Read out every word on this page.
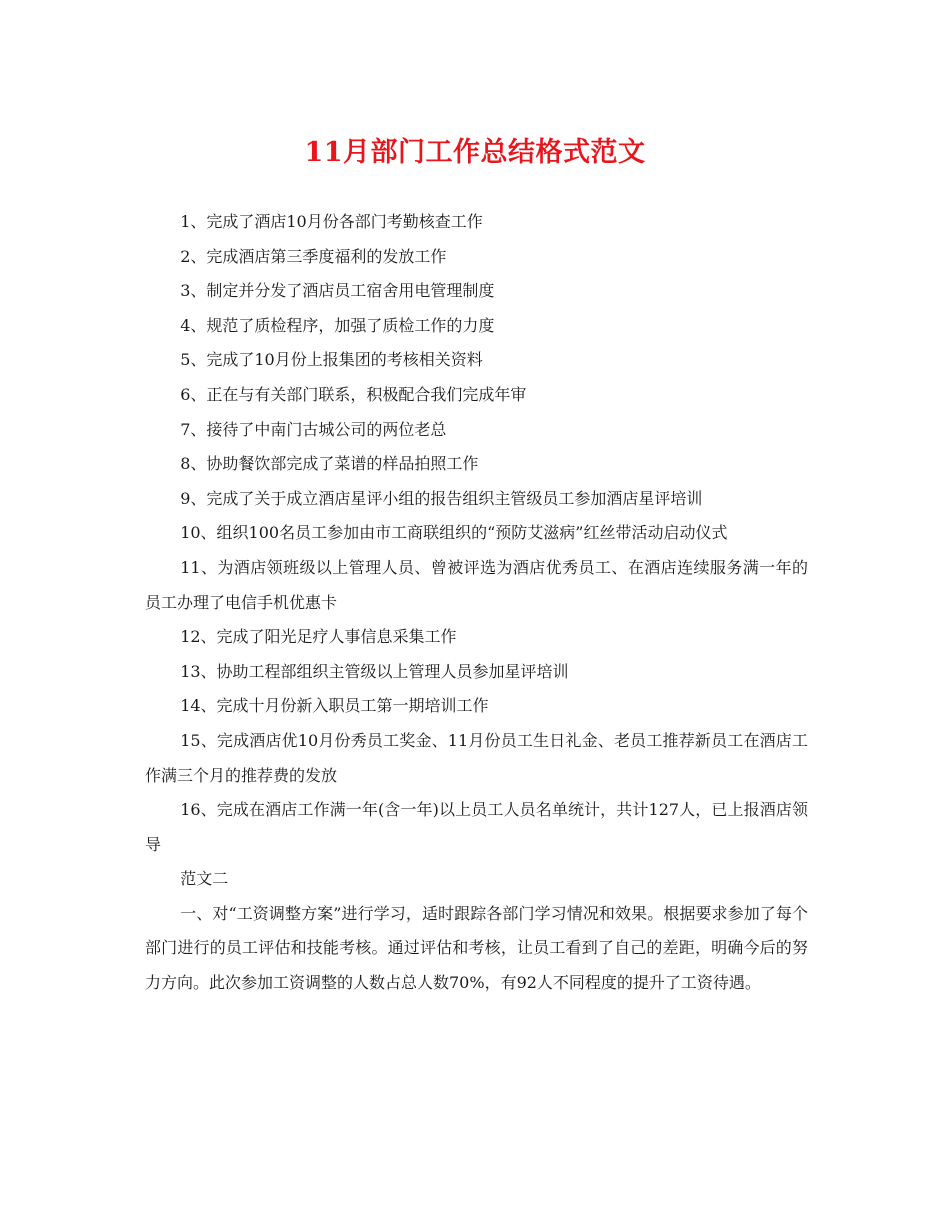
11月部门工作总结格式范文

1、完成了酒店10月份各部门考勤核查工作

2、完成酒店第三季度福利的发放工作

3、制定并分发了酒店员工宿舍用电管理制度

4、规范了质检程序，加强了质检工作的力度

5、完成了10月份上报集团的考核相关资料

6、正在与有关部门联系，积极配合我们完成年审

7、接待了中南门古城公司的两位老总

8、协助餐饮部完成了菜谱的样品拍照工作

9、完成了关于成立酒店星评小组的报告组织主管级员工参加酒店星评培训

10、组织100名员工参加由市工商联组织的“预防艾滋病”红丝带活动启动仪式

11、为酒店领班级以上管理人员、曾被评选为酒店优秀员工、在酒店连续服务满一年的员工办理了电信手机优惠卡

12、完成了阳光足疗人事信息采集工作

13、协助工程部组织主管级以上管理人员参加星评培训

14、完成十月份新入职员工第一期培训工作

15、完成酒店优10月份秀员工奖金、11月份员工生日礼金、老员工推荐新员工在酒店工作满三个月的推荐费的发放

16、完成在酒店工作满一年(含一年)以上员工人员名单统计，共计127人，已上报酒店领导

范文二

一、对“工资调整方案”进行学习，适时跟踪各部门学习情况和效果。根据要求参加了每个部门进行的员工评估和技能考核。通过评估和考核，让员工看到了自己的差距，明确今后的努力方向。此次参加工资调整的人数占总人数70%，有92人不同程度的提升了工资待遇。
